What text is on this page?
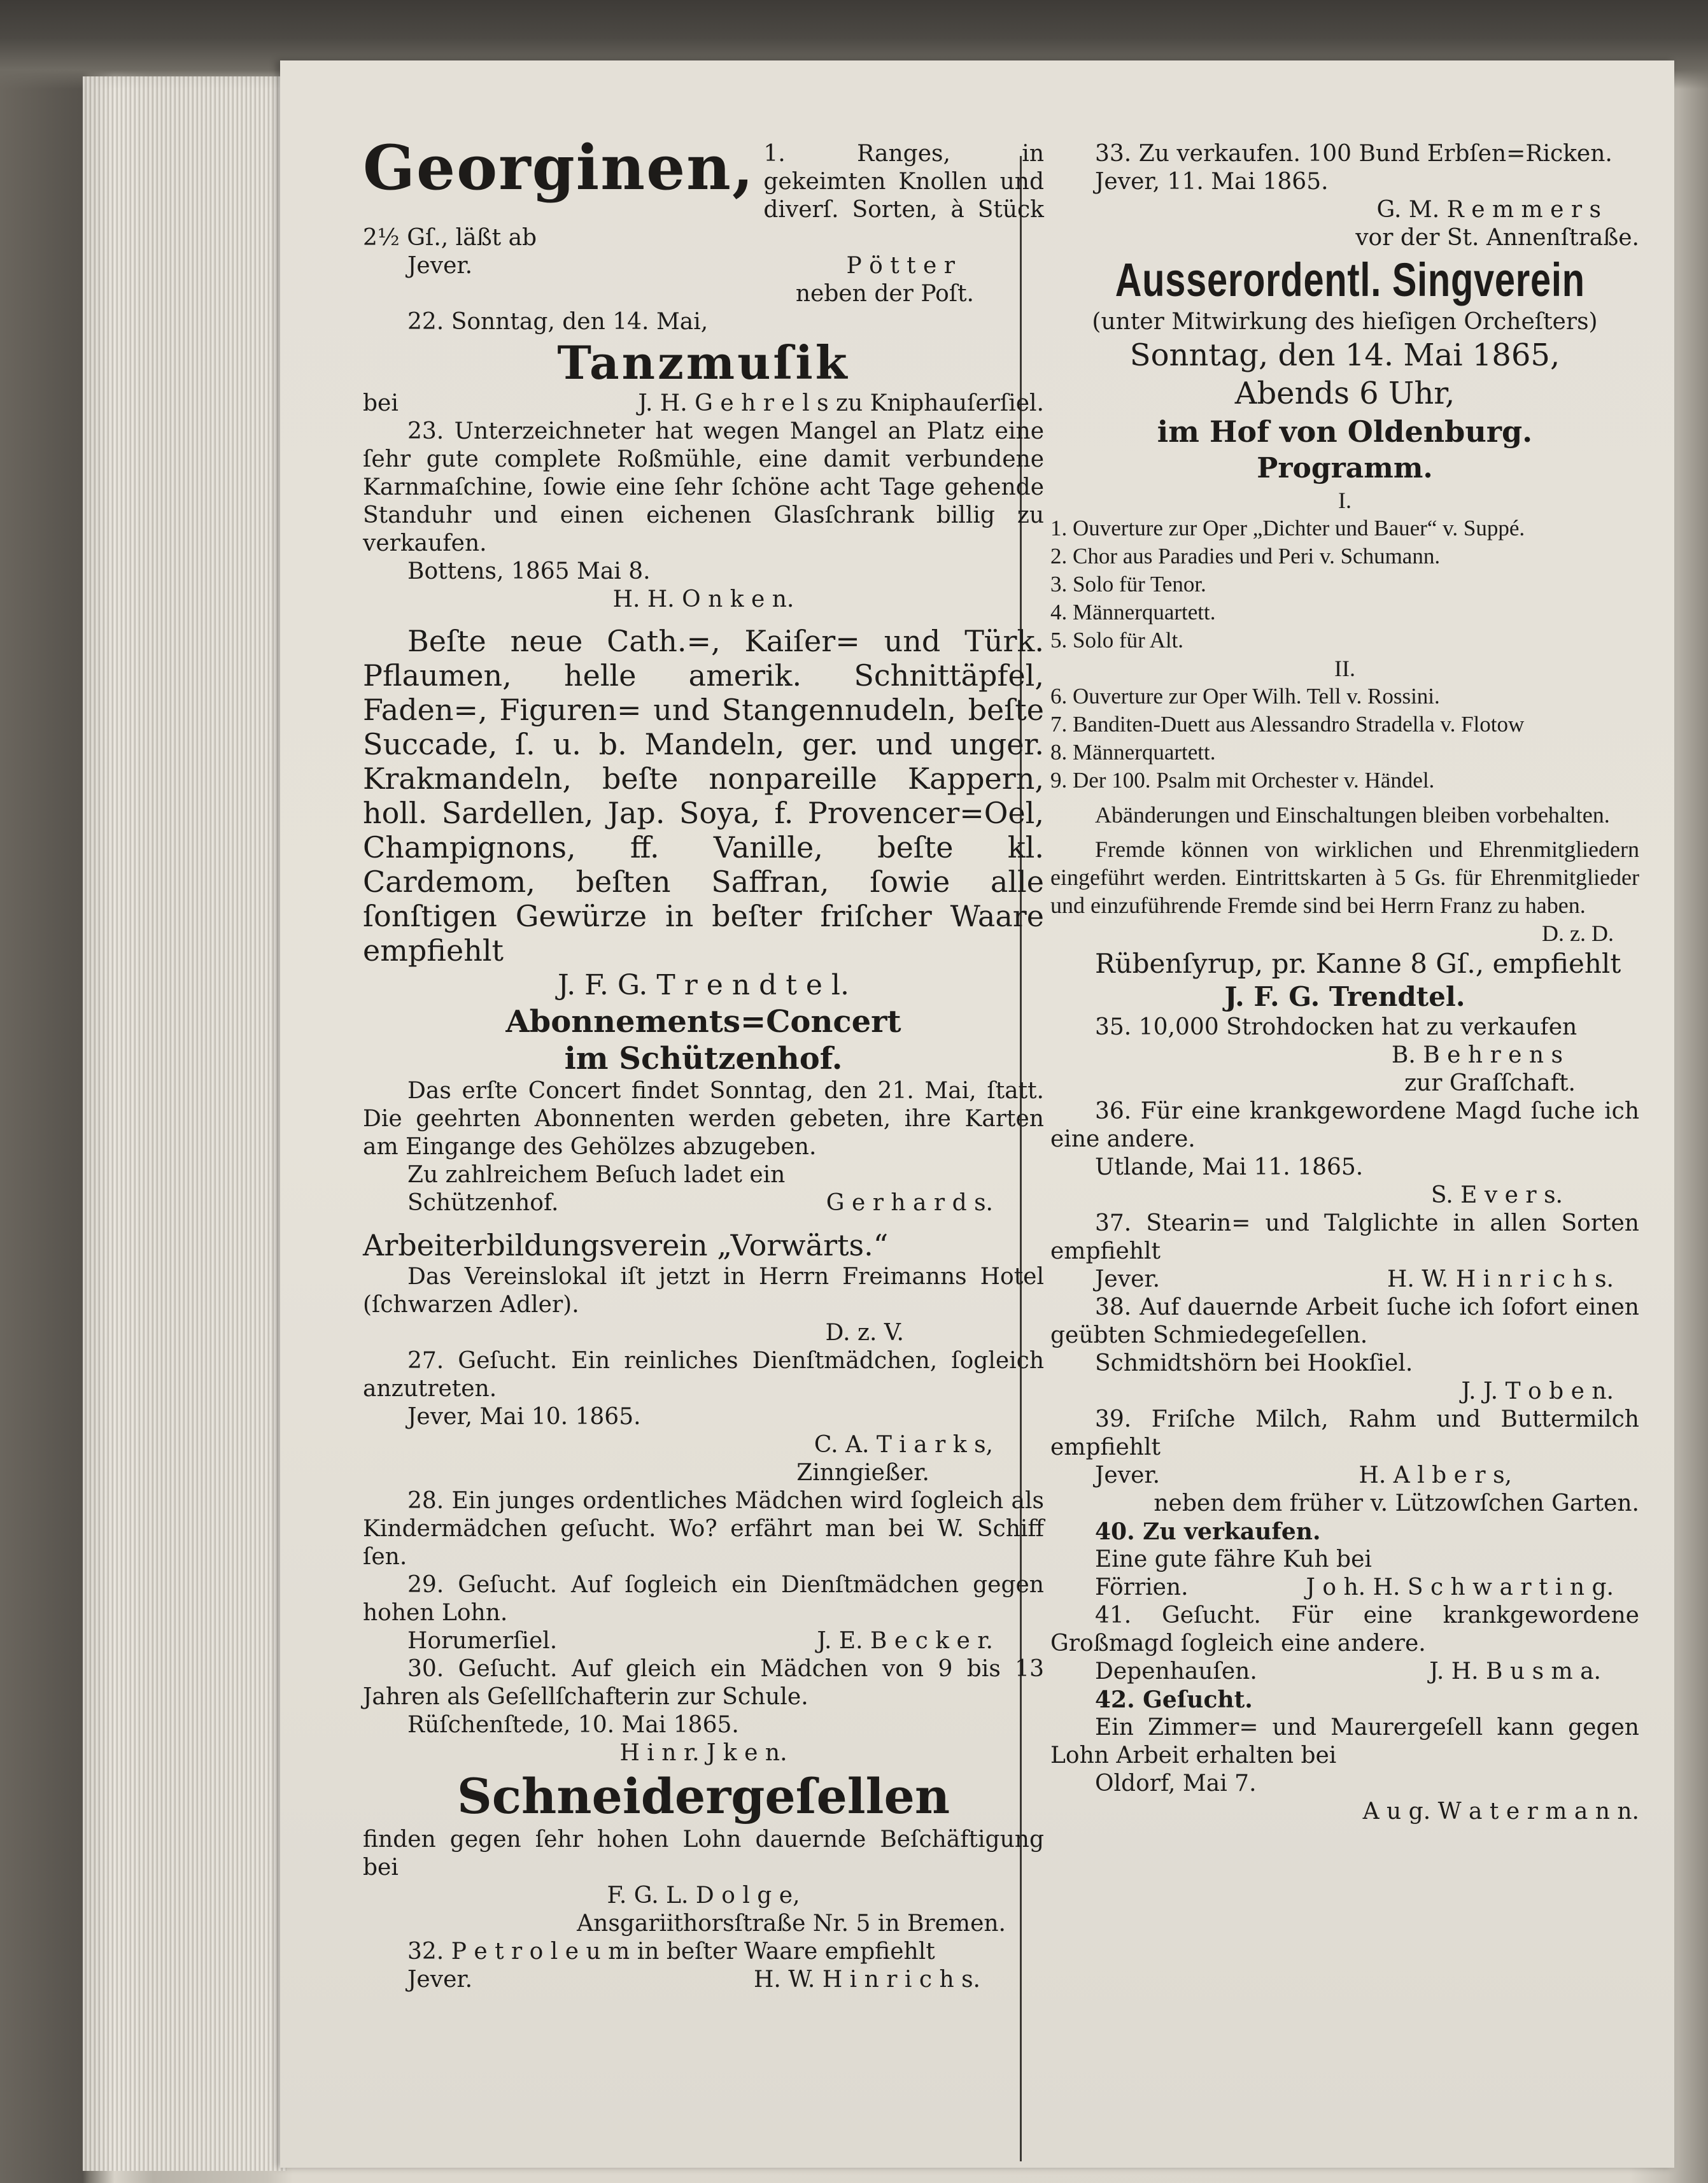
Georginen, 1. Ranges, in gekeimten Knollen und diverſ. Sorten, à Stück 2½ Gſ., läßt ab

Jever.	P ö t t e r

neben der Poſt.

22. Sonntag, den 14. Mai,

Tanzmuſik
bei	J. H. G e h r e l s zu Kniphauſerſiel.

23. Unterzeichneter hat wegen Mangel an Platz eine ſehr gute complete Roßmühle, eine damit verbundene Karnmaſchine, ſowie eine ſehr ſchöne acht Tage gehende Standuhr und einen eichenen Glasſchrank billig zu verkaufen.

Bottens, 1865 Mai 8.

H. H. O n k e n.

Beſte neue Cath.=, Kaiſer= und Türk. Pflaumen, helle amerik. Schnittäpfel, Faden=, Figuren= und Stangennudeln, beſte Succade, ſ. u. b. Mandeln, ger. und unger. Krakmandeln, beſte nonpareille Kappern, holl. Sardellen, Jap. Soya, f. Provencer=Oel, Champignons, ff. Vanille, beſte kl. Cardemom, beſten Saffran, ſowie alle ſonſtigen Gewürze in beſter friſcher Waare empfiehlt

J. F. G. T r e n d t e l.

Abonnements=Concert
im Schützenhof.

Das erſte Concert findet Sonntag, den 21. Mai, ſtatt. Die geehrten Abonnenten werden gebeten, ihre Karten am Eingange des Gehölzes abzugeben.

Zu zahlreichem Beſuch ladet ein

Schützenhof.	G e r h a r d s.
Arbeiterbildungsverein „Vorwärts.“

Das Vereinslokal iſt jetzt in Herrn Freimanns Hotel (ſchwarzen Adler).

D. z. V.

27. Geſucht. Ein reinliches Dienſtmädchen, ſogleich anzutreten.

Jever, Mai 10. 1865.

C. A. T i a r k s,

Zinngießer.

28. Ein junges ordentliches Mädchen wird ſogleich als Kindermädchen geſucht. Wo? erfährt man bei W. Schiff ſen.

29. Geſucht. Auf ſogleich ein Dienſtmädchen gegen hohen Lohn.

Horumerſiel.	J. E. B e c k e r.

30. Geſucht. Auf gleich ein Mädchen von 9 bis 13 Jahren als Geſellſchafterin zur Schule.

Rüſchenſtede, 10. Mai 1865.

H i n r. J k e n.

Schneidergeſellen

finden gegen ſehr hohen Lohn dauernde Beſchäftigung bei

F. G. L. D o l g e,

Ansgariithorsſtraße Nr. 5 in Bremen.

32. P e t r o l e u m in beſter Waare empfiehlt

Jever.	H. W. H i n r i c h s.

33. Zu verkaufen. 100 Bund Erbſen=Ricken.

Jever, 11. Mai 1865.

G. M. R e m m e r s

vor der St. Annenſtraße.

Ausserordentl. Singverein

(unter Mitwirkung des hieſigen Orcheſters)

Sonntag, den 14. Mai 1865,
Abends 6 Uhr,
im Hof von Oldenburg.
Programm.

I.

1. Ouverture zur Oper „Dichter und Bauer“ v. Suppé.
2. Chor aus Paradies und Peri v. Schumann.
3. Solo für Tenor.
4. Männerquartett.
5. Solo für Alt.

II.

6. Ouverture zur Oper Wilh. Tell v. Rossini.
7. Banditen-Duett aus Alessandro Stradella v. Flotow
8. Männerquartett.
9. Der 100. Psalm mit Orchester v. Händel.

Abänderungen und Einschaltungen bleiben vorbehalten.

Fremde können von wirklichen und Ehrenmitgliedern eingeführt werden. Eintrittskarten à 5 Gs. für Ehrenmitglieder und einzuführende Fremde sind bei Herrn Franz zu haben.

D. z. D.

Rübenſyrup, pr. Kanne 8 Gſ., empfiehlt

J. F. G. Trendtel.

35. 10,000 Strohdocken hat zu verkaufen

B. B e h r e n s

zur Graſſchaft.

36. Für eine krankgewordene Magd ſuche ich eine andere.

Utlande, Mai 11. 1865.

S. E v e r s.

37. Stearin= und Talglichte in allen Sorten empfiehlt

Jever.	H. W. H i n r i c h s.

38. Auf dauernde Arbeit ſuche ich ſofort einen geübten Schmiedegeſellen.

Schmidtshörn bei Hookſiel.

J. J. T o b e n.

39. Friſche Milch, Rahm und Buttermilch empfiehlt

Jever.	H. A l b e r s,

neben dem früher v. Lützowſchen Garten.

40. Zu verkaufen.

Eine gute fähre Kuh bei

Förrien.	J o h. H. S c h w a r t i n g.

41. Geſucht. Für eine krankgewordene Großmagd ſogleich eine andere.

Depenhauſen.	J. H. B u s m a.

42. Geſucht.

Ein Zimmer= und Maurergeſell kann gegen Lohn Arbeit erhalten bei

Oldorf, Mai 7.

A u g. W a t e r m a n n.
